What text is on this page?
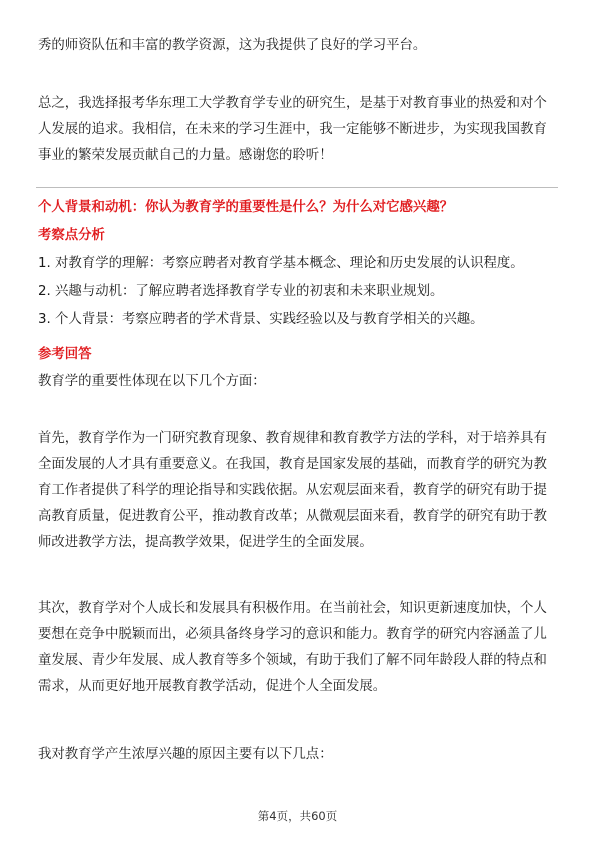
秀的师资队伍和丰富的教学资源，这为我提供了良好的学习平台。

总之，我选择报考华东理工大学教育学专业的研究生，是基于对教育事业的热爱和对个人发展的追求。我相信，在未来的学习生涯中，我一定能够不断进步，为实现我国教育事业的繁荣发展贡献自己的力量。感谢您的聆听！

个人背景和动机：你认为教育学的重要性是什么？为什么对它感兴趣？
考察点分析
1. 对教育学的理解：考察应聘者对教育学基本概念、理论和历史发展的认识程度。
2. 兴趣与动机：了解应聘者选择教育学专业的初衷和未来职业规划。
3. 个人背景：考察应聘者的学术背景、实践经验以及与教育学相关的兴趣。
参考回答

教育学的重要性体现在以下几个方面：

首先，教育学作为一门研究教育现象、教育规律和教育教学方法的学科，对于培养具有全面发展的人才具有重要意义。在我国，教育是国家发展的基础，而教育学的研究为教育工作者提供了科学的理论指导和实践依据。从宏观层面来看，教育学的研究有助于提高教育质量，促进教育公平，推动教育改革；从微观层面来看，教育学的研究有助于教师改进教学方法，提高教学效果，促进学生的全面发展。

其次，教育学对个人成长和发展具有积极作用。在当前社会，知识更新速度加快，个人要想在竞争中脱颖而出，必须具备终身学习的意识和能力。教育学的研究内容涵盖了儿童发展、青少年发展、成人教育等多个领域，有助于我们了解不同年龄段人群的特点和需求，从而更好地开展教育教学活动，促进个人全面发展。

我对教育学产生浓厚兴趣的原因主要有以下几点：

第4页，共60页
